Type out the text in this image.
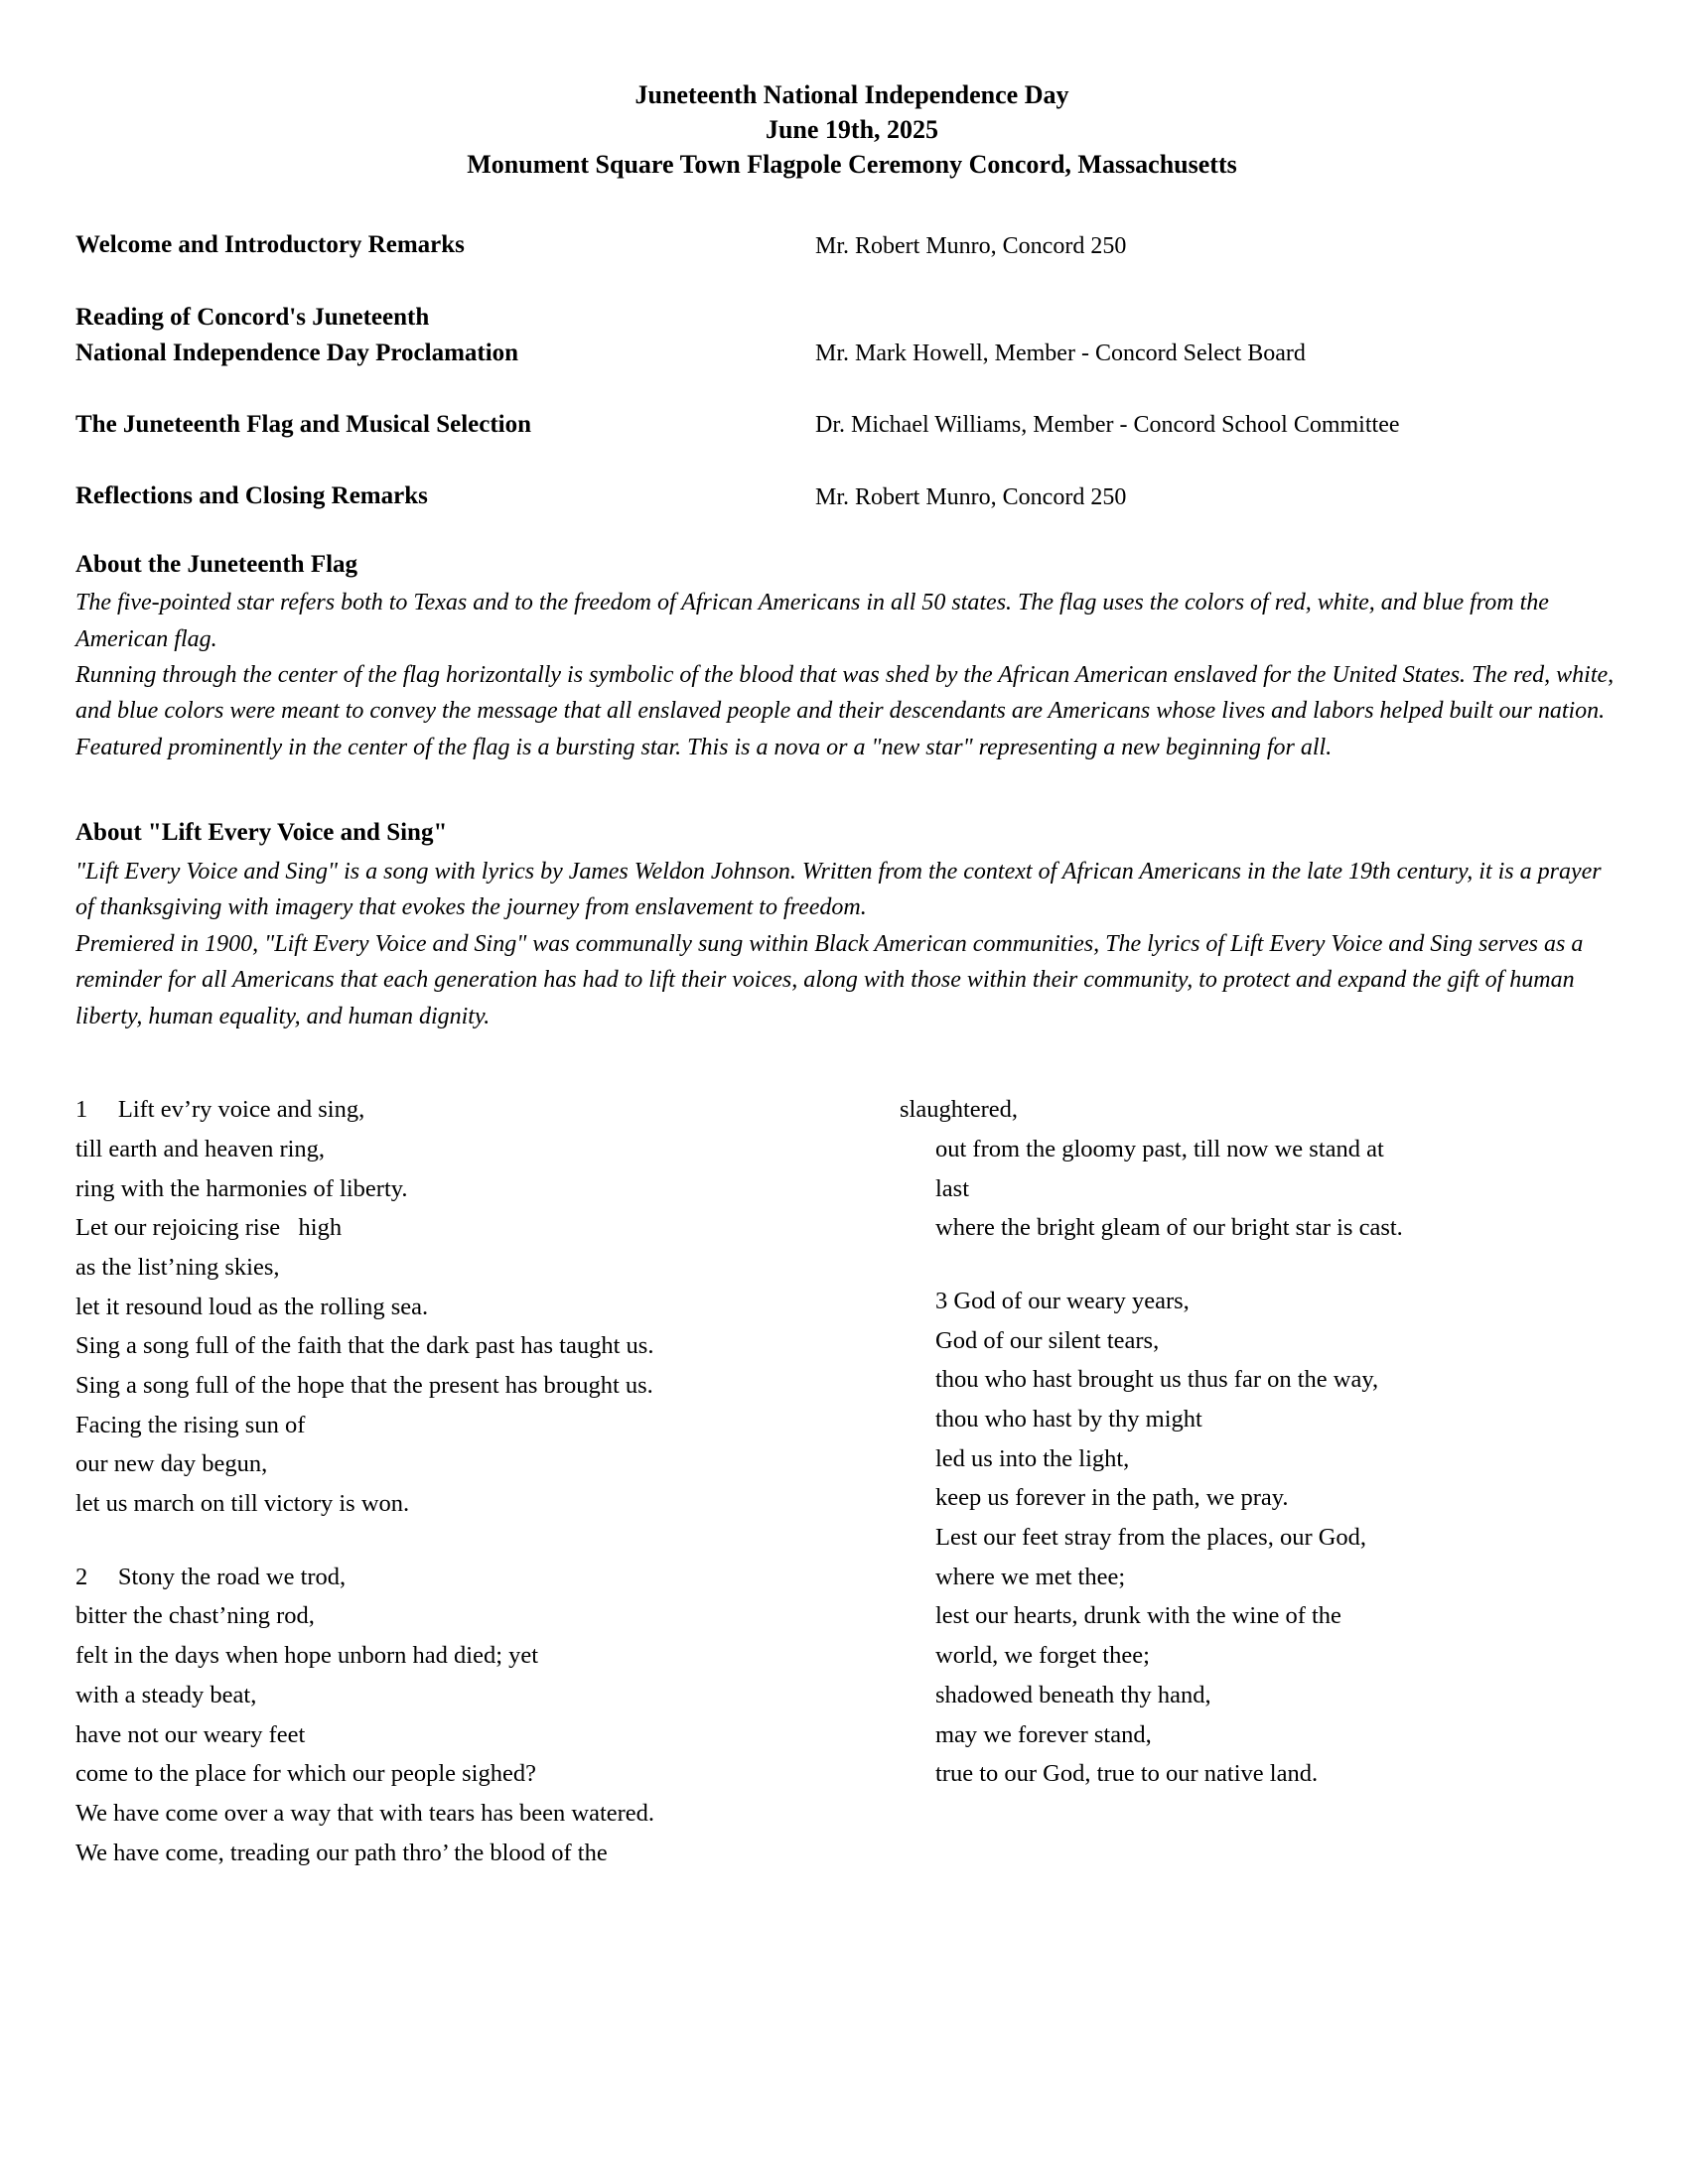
Juneteenth National Independence Day
June 19th, 2025
Monument Square Town Flagpole Ceremony Concord, Massachusetts
Welcome and Introductory Remarks	Mr. Robert Munro, Concord 250
Reading of Concord's Juneteenth
National Independence Day Proclamation	Mr. Mark Howell, Member - Concord Select Board
The Juneteenth Flag and Musical Selection	Dr. Michael Williams, Member - Concord School Committee
Reflections and Closing Remarks	Mr. Robert Munro, Concord 250
About the Juneteenth Flag

The five-pointed star refers both to Texas and to the freedom of African Americans in all 50 states. The flag uses the colors of red, white, and blue from the American flag.

Running through the center of the flag horizontally is symbolic of the blood that was shed by the African American enslaved for the United States. The red, white, and blue colors were meant to convey the message that all enslaved people and their descendants are Americans whose lives and labors helped built our nation.

Featured prominently in the center of the flag is a bursting star. This is a nova or a "new star" representing a new beginning for all.

About "Lift Every Voice and Sing"

"Lift Every Voice and Sing" is a song with lyrics by James Weldon Johnson. Written from the context of African Americans in the late 19th century, it is a prayer of thanksgiving with imagery that evokes the journey from enslavement to freedom.

Premiered in 1900, "Lift Every Voice and Sing" was communally sung within Black American communities, The lyrics of Lift Every Voice and Sing serves as a reminder for all Americans that each generation has had to lift their voices, along with those within their community, to protect and expand the gift of human liberty, human equality, and human dignity.

1  Lift ev’ry voice and sing,
till earth and heaven ring,
ring with the harmonies of liberty.
Let our rejoicing rise   high
as the list’ning skies,
let it resound loud as the rolling sea.
Sing a song full of the faith that the dark past has taught us.
Sing a song full of the hope that the present has brought us.
Facing the rising sun of
our new day begun,
let us march on till victory is won.
2  Stony the road we trod,
bitter the chast’ning rod,
felt in the days when hope unborn had died; yet
with a steady beat,
have not our weary feet
come to the place for which our people sighed?
We have come over a way that with tears has been watered.
We have come, treading our path thro’ the blood of the
slaughtered,
out from the gloomy past, till now we stand at
last
where the bright gleam of our bright star is cast.
3 God of our weary years,
God of our silent tears,
thou who hast brought us thus far on the way,
thou who hast by thy might
led us into the light,
keep us forever in the path, we pray.
Lest our feet stray from the places, our God,
where we met thee;
lest our hearts, drunk with the wine of the
world, we forget thee;
shadowed beneath thy hand,
may we forever stand,
true to our God, true to our native land.
